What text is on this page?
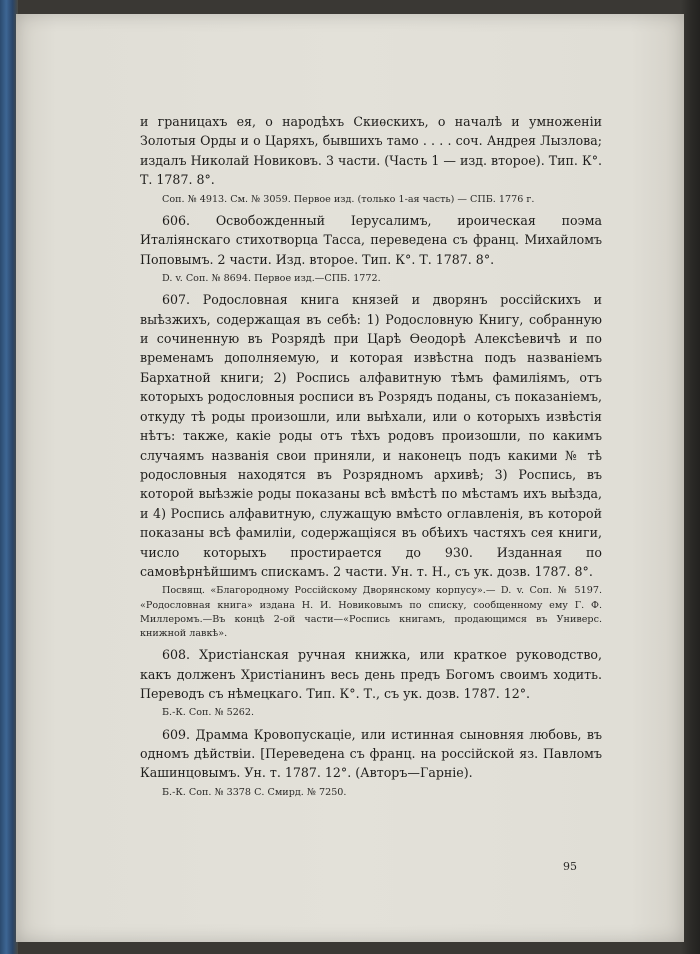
и границахъ ея, о народѣхъ Скиѳскихъ, о началѣ и умноженіи Золотыя Орды и о Царяхъ, бывшихъ тамо . . . . соч. Андрея Лызлова; издалъ Николай Новиковъ. 3 части. (Часть 1 — изд. второе). Тип. К°. Т. 1787. 8°.

Соп. № 4913. См. № 3059. Первое изд. (только 1-ая часть) — СПБ. 1776 г.

606. Освобожденный Іерусалимъ, ироическая поэма Италіянскаго стихотворца Тасса, переведена съ франц. Михайломъ Поповымъ. 2 части. Изд. второе. Тип. К°. Т. 1787. 8°.

D. v. Соп. № 8694. Первое изд.—СПБ. 1772.

607. Родословная книга князей и дворянъ россійскихъ и выѣзжихъ, содержащая въ себѣ: 1) Родословную Книгу, собранную и сочиненную въ Розрядѣ при Царѣ Ѳеодорѣ Алексѣевичѣ и по временамъ дополняемую, и которая извѣстна подъ названіемъ Бархатной книги; 2) Роспись алфавитную тѣмъ фамиліямъ, отъ которыхъ родословныя росписи въ Розрядъ поданы, съ показаніемъ, откуду тѣ роды произошли, или выѣхали, или о которыхъ извѣстія нѣтъ: также, какіе роды отъ тѣхъ родовъ произошли, по какимъ случаямъ названія свои приняли, и наконецъ подъ какими № тѣ родословныя находятся въ Розрядномъ архивѣ; 3) Роспись, въ которой выѣзжіе роды показаны всѣ вмѣстѣ по мѣстамъ ихъ выѣзда, и 4) Роспись алфавитную, служащую вмѣсто оглавленія, въ которой показаны всѣ фамиліи, содержащіяся въ обѣихъ частяхъ сея книги, число которыхъ простирается до 930. Изданная по самовѣрнѣйшимъ спискамъ. 2 части. Ун. т. Н., съ ук. дозв. 1787. 8°.

Посвящ. «Благородному Россійскому Дворянскому корпусу».— D. v. Соп. № 5197. «Родословная книга» издана Н. И. Новиковымъ по списку, сообщенному ему Г. Ф. Миллеромъ.—Въ концѣ 2-ой части—«Роспись книгамъ, продающимся въ Универс. книжной лавкѣ».

608. Христіанская ручная книжка, или краткое руководство, какъ долженъ Христіанинъ весь день предъ Богомъ своимъ ходить. Переводъ съ нѣмецкаго. Тип. К°. Т., съ ук. дозв. 1787. 12°.

Б.-К. Соп. № 5262.

609. Драмма Кровопускаціе, или истинная сыновняя любовь, въ одномъ дѣйствіи. [Переведена съ франц. на россійской яз. Павломъ Кашинцовымъ. Ун. т. 1787. 12°. (Авторъ—Гарніе).

Б.-К. Соп. № 3378 С. Смирд. № 7250.

95
